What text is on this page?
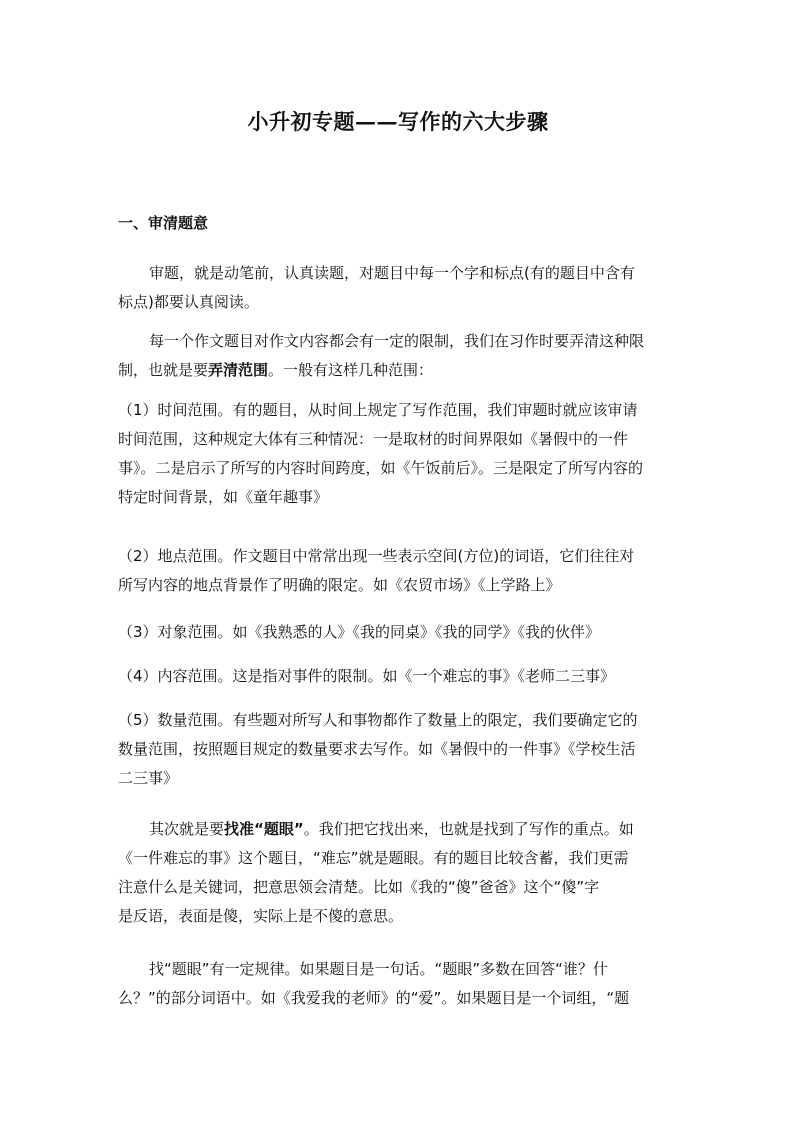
小升初专题——写作的六大步骤
一、审清题意
审题，就是动笔前，认真读题，对题目中每一个字和标点(有的题目中含有
标点)都要认真阅读。
每一个作文题目对作文内容都会有一定的限制，我们在习作时要弄清这种限
制，也就是要弄清范围。一般有这样几种范围：
（1）时间范围。有的题目，从时间上规定了写作范围，我们审题时就应该审请
时间范围，这种规定大体有三种情况：一是取材的时间界限如《暑假中的一件
事》。二是启示了所写的内容时间跨度，如《午饭前后》。三是限定了所写内容的
特定时间背景，如《童年趣事》
（2）地点范围。作文题目中常常出现一些表示空间(方位)的词语，它们往往对
所写内容的地点背景作了明确的限定。如《农贸市场》《上学路上》
（3）对象范围。如《我熟悉的人》《我的同桌》《我的同学》《我的伙伴》
（4）内容范围。这是指对事件的限制。如《一个难忘的事》《老师二三事》
（5）数量范围。有些题对所写人和事物都作了数量上的限定，我们要确定它的
数量范围，按照题目规定的数量要求去写作。如《暑假中的一件事》《学校生活
二三事》
其次就是要找准“题眼”。我们把它找出来，也就是找到了写作的重点。如
《一件难忘的事》这个题目，“难忘”就是题眼。有的题目比较含蓄，我们更需
注意什么是关键词，把意思领会清楚。比如《我的“傻”爸爸》这个“傻”字
是反语，表面是傻，实际上是不傻的意思。
找“题眼”有一定规律。如果题目是一句话。“题眼”多数在回答“谁？什
么？”的部分词语中。如《我爱我的老师》的“爱”。如果题目是一个词组，“题
